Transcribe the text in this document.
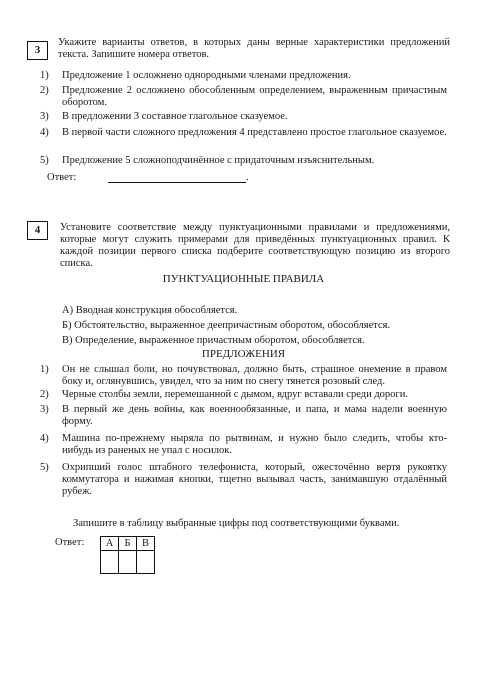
3
Укажите варианты ответов, в которых даны верные характеристики предложений текста. Запишите номера ответов.
1) Предложение 1 осложнено однородными членами предложения.
2) Предложение 2 осложнено обособленным определением, выраженным причастным оборотом.
3) В предложении 3 составное глагольное сказуемое.
4) В первой части сложного предложения 4 представлено простое глагольное сказуемое.
5) Предложение 5 сложноподчинённое с придаточным изъяснительным.
Ответ:	.
4	Установите соответствие между пунктуационными правилами и предложениями, которые могут служить примерами для приведённых пунктуационных правил. К каждой позиции первого списка подберите соответствующую позицию из второго списка.
ПУНКТУАЦИОННЫЕ ПРАВИЛА
А) Вводная конструкция обособляется.
Б) Обстоятельство, выраженное деепричастным оборотом, обособляется.
В) Определение, выраженное причастным оборотом, обособляется.
ПРЕДЛОЖЕНИЯ
1) Он не слышал боли, но почувствовал, должно быть, страшное онемение в правом боку и, оглянувшись, увидел, что за ним по снегу тянется розовый след.
2) Черные столбы земли, перемешанной с дымом, вдруг вставали среди дороги.
3) В первый же день войны, как военнообязанные, и папа, и мама надели военную форму.
4) Машина по-прежнему ныряла по рытвинам, и нужно было следить, чтобы кто-нибудь из раненых не упал с носилок.
5) Охрипший голос штабного телефониста, который, ожесточённо вертя рукоятку коммутатора и нажимая кнопки, тщетно вызывал часть, занимавшую отдалённый рубеж.
Запишите в таблицу выбранные цифры под соответствующими буквами.
Ответ: А	Б	В
